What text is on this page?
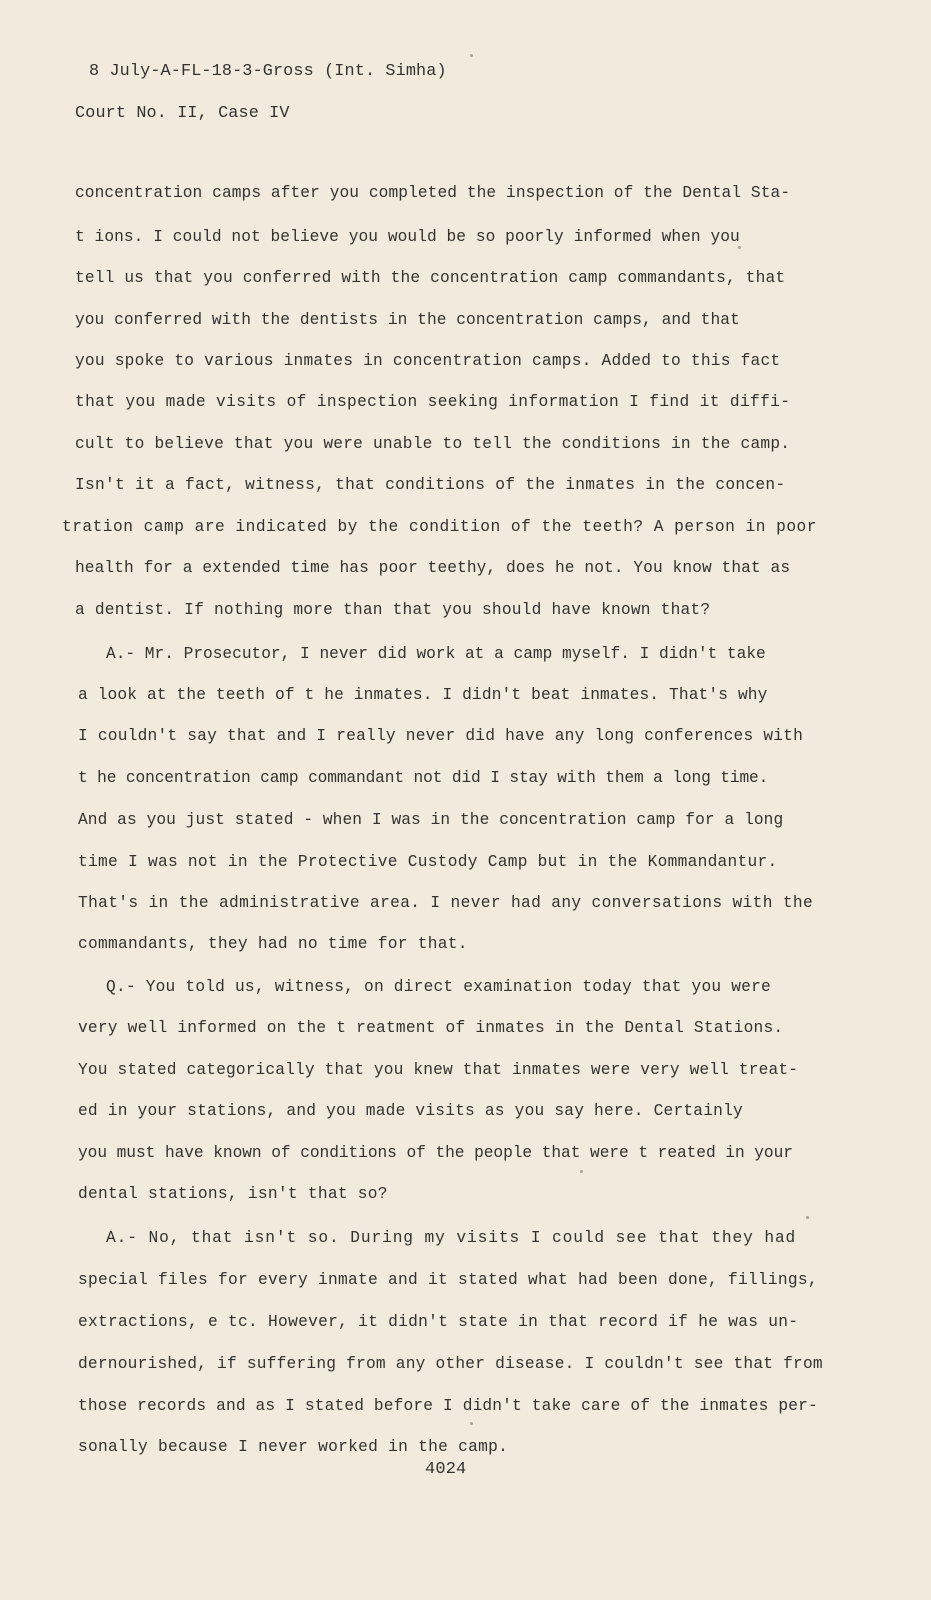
8 July-A-FL-18-3-Gross (Int. Simha)
Court No. II, Case IV
concentration camps after you completed the inspection of the Dental Sta-
t ions. I could not believe you would be so poorly informed when you
tell us that you conferred with the concentration camp commandants, that
you conferred with the dentists in the concentration camps, and that
you spoke to various inmates in concentration camps. Added to this fact
that you made visits of inspection seeking information I find it diffi-
cult to believe that you were unable to tell the conditions in the camp.
Isn't it a fact, witness, that conditions of the inmates in the concen-
tration camp are indicated by the condition of the teeth? A person in poor
health for a extended time has poor teethy, does he not. You know that as
a dentist. If nothing more than that you should have known that?
A.- Mr. Prosecutor, I never did work at a camp myself. I didn't take
a look at the teeth of t he inmates. I didn't beat inmates. That's why
I couldn't say that and I really never did have any long conferences with
t he concentration camp commandant not did I stay with them a long time.
And as you just stated - when I was in the concentration camp for a long
time I was not in the Protective Custody Camp but in the Kommandantur.
That's in the administrative area. I never had any conversations with the
commandants, they had no time for that.
Q.- You told us, witness, on direct examination today that you were
very well informed on the t reatment of inmates in the Dental Stations.
You stated categorically that you knew that inmates were very well treat-
ed in your stations, and you made visits as you say here. Certainly
you must have known of conditions of the people that were t reated in your
dental stations, isn't that so?
A.- No, that isn't so. During my visits I could see that they had
special files for every inmate and it stated what had been done, fillings,
extractions, e tc. However, it didn't state in that record if he was un-
dernourished, if suffering from any other disease. I couldn't see that from
those records and as I stated before I didn't take care of the inmates per-
sonally because I never worked in the camp.
4024
